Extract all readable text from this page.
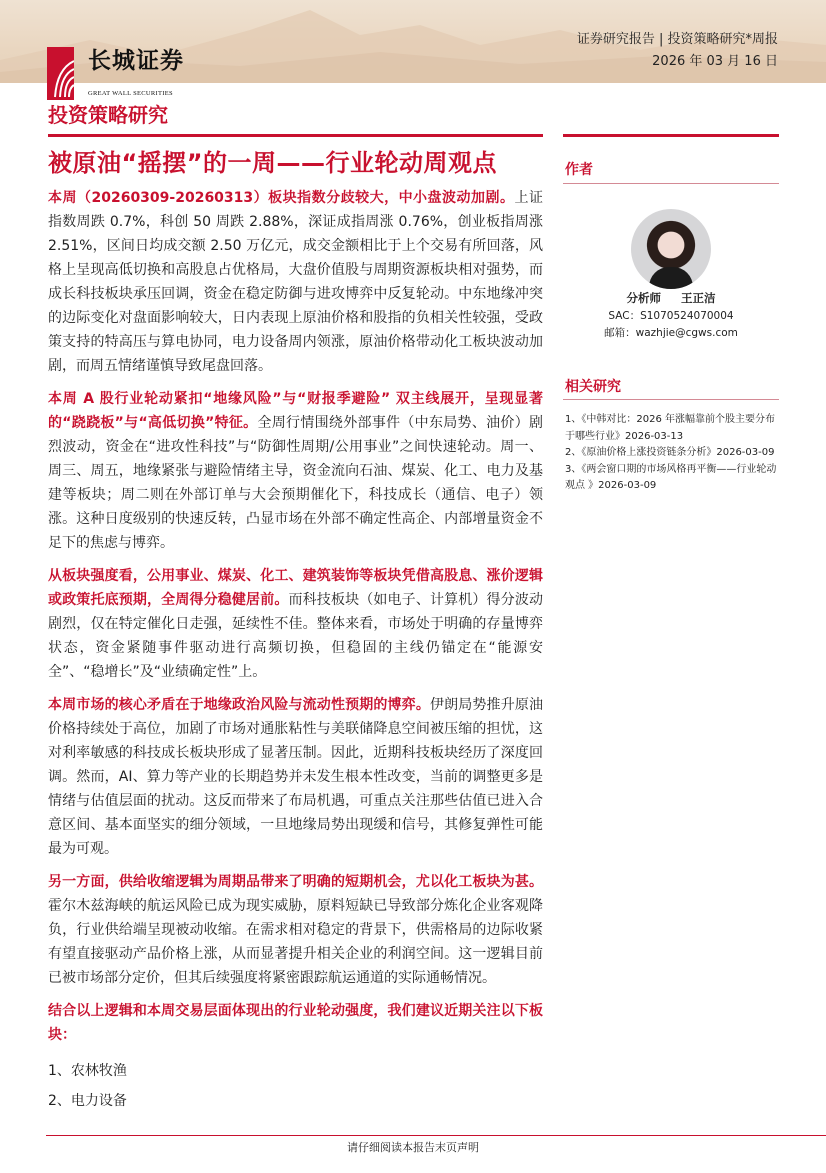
长城证券
GREAT WALL SECURITIES
证券研究报告 | 投资策略研究*周报
2026 年 03 月 16 日
投资策略研究
被原油“摇摆”的一周——行业轮动周观点

本周（20260309-20260313）板块指数分歧较大，中小盘波动加剧。上证指数周跌 0.7%，科创 50 周跌 2.88%，深证成指周涨 0.76%，创业板指周涨 2.51%，区间日均成交额 2.50 万亿元，成交金额相比于上个交易有所回落，风格上呈现高低切换和高股息占优格局，大盘价值股与周期资源板块相对强势，而成长科技板块承压回调，资金在稳定防御与进攻博弈中反复轮动。中东地缘冲突的边际变化对盘面影响较大，日内表现上原油价格和股指的负相关性较强，受政策支持的特高压与算电协同，电力设备周内领涨，原油价格带动化工板块波动加剧，而周五情绪谨慎导致尾盘回落。

本周 A 股行业轮动紧扣“地缘风险”与“财报季避险” 双主线展开，呈现显著的“跷跷板”与“高低切换”特征。全周行情围绕外部事件（中东局势、油价）剧烈波动，资金在“进攻性科技”与“防御性周期/公用事业”之间快速轮动。周一、周三、周五，地缘紧张与避险情绪主导，资金流向石油、煤炭、化工、电力及基建等板块；周二则在外部订单与大会预期催化下，科技成长（通信、电子）领涨。这种日度级别的快速反转，凸显市场在外部不确定性高企、内部增量资金不足下的焦虑与博弈。

从板块强度看，公用事业、煤炭、化工、建筑装饰等板块凭借高股息、涨价逻辑或政策托底预期，全周得分稳健居前。而科技板块（如电子、计算机）得分波动剧烈，仅在特定催化日走强，延续性不佳。整体来看，市场处于明确的存量博弈状态，资金紧随事件驱动进行高频切换，但稳固的主线仍锚定在“能源安全”、“稳增长”及“业绩确定性”上。

本周市场的核心矛盾在于地缘政治风险与流动性预期的博弈。伊朗局势推升原油价格持续处于高位，加剧了市场对通胀粘性与美联储降息空间被压缩的担忧，这对利率敏感的科技成长板块形成了显著压制。因此，近期科技板块经历了深度回调。然而，AI、算力等产业的长期趋势并未发生根本性改变，当前的调整更多是情绪与估值层面的扰动。这反而带来了布局机遇，可重点关注那些估值已进入合意区间、基本面坚实的细分领域，一旦地缘局势出现缓和信号，其修复弹性可能最为可观。

另一方面，供给收缩逻辑为周期品带来了明确的短期机会，尤以化工板块为甚。霍尔木兹海峡的航运风险已成为现实威胁，原料短缺已导致部分炼化企业客观降负，行业供给端呈现被动收缩。在需求相对稳定的背景下，供需格局的边际收紧有望直接驱动产品价格上涨，从而显著提升相关企业的利润空间。这一逻辑目前已被市场部分定价，但其后续强度将紧密跟踪航运通道的实际通畅情况。

结合以上逻辑和本周交易层面体现出的行业轮动强度，我们建议近期关注以下板块：

1、农林牧渔
2、电力设备
请仔细阅读本报告末页声明
作者
分析师 王正洁
SAC：S1070524070004
邮箱：wazhjie@cgws.com
相关研究
1、《中韩对比：2026 年涨幅靠前个股主要分布于哪些行业》2026-03-13
2、《原油价格上涨投资链条分析》2026-03-09
3、《两会窗口期的市场风格再平衡——行业轮动观点 》2026-03-09
